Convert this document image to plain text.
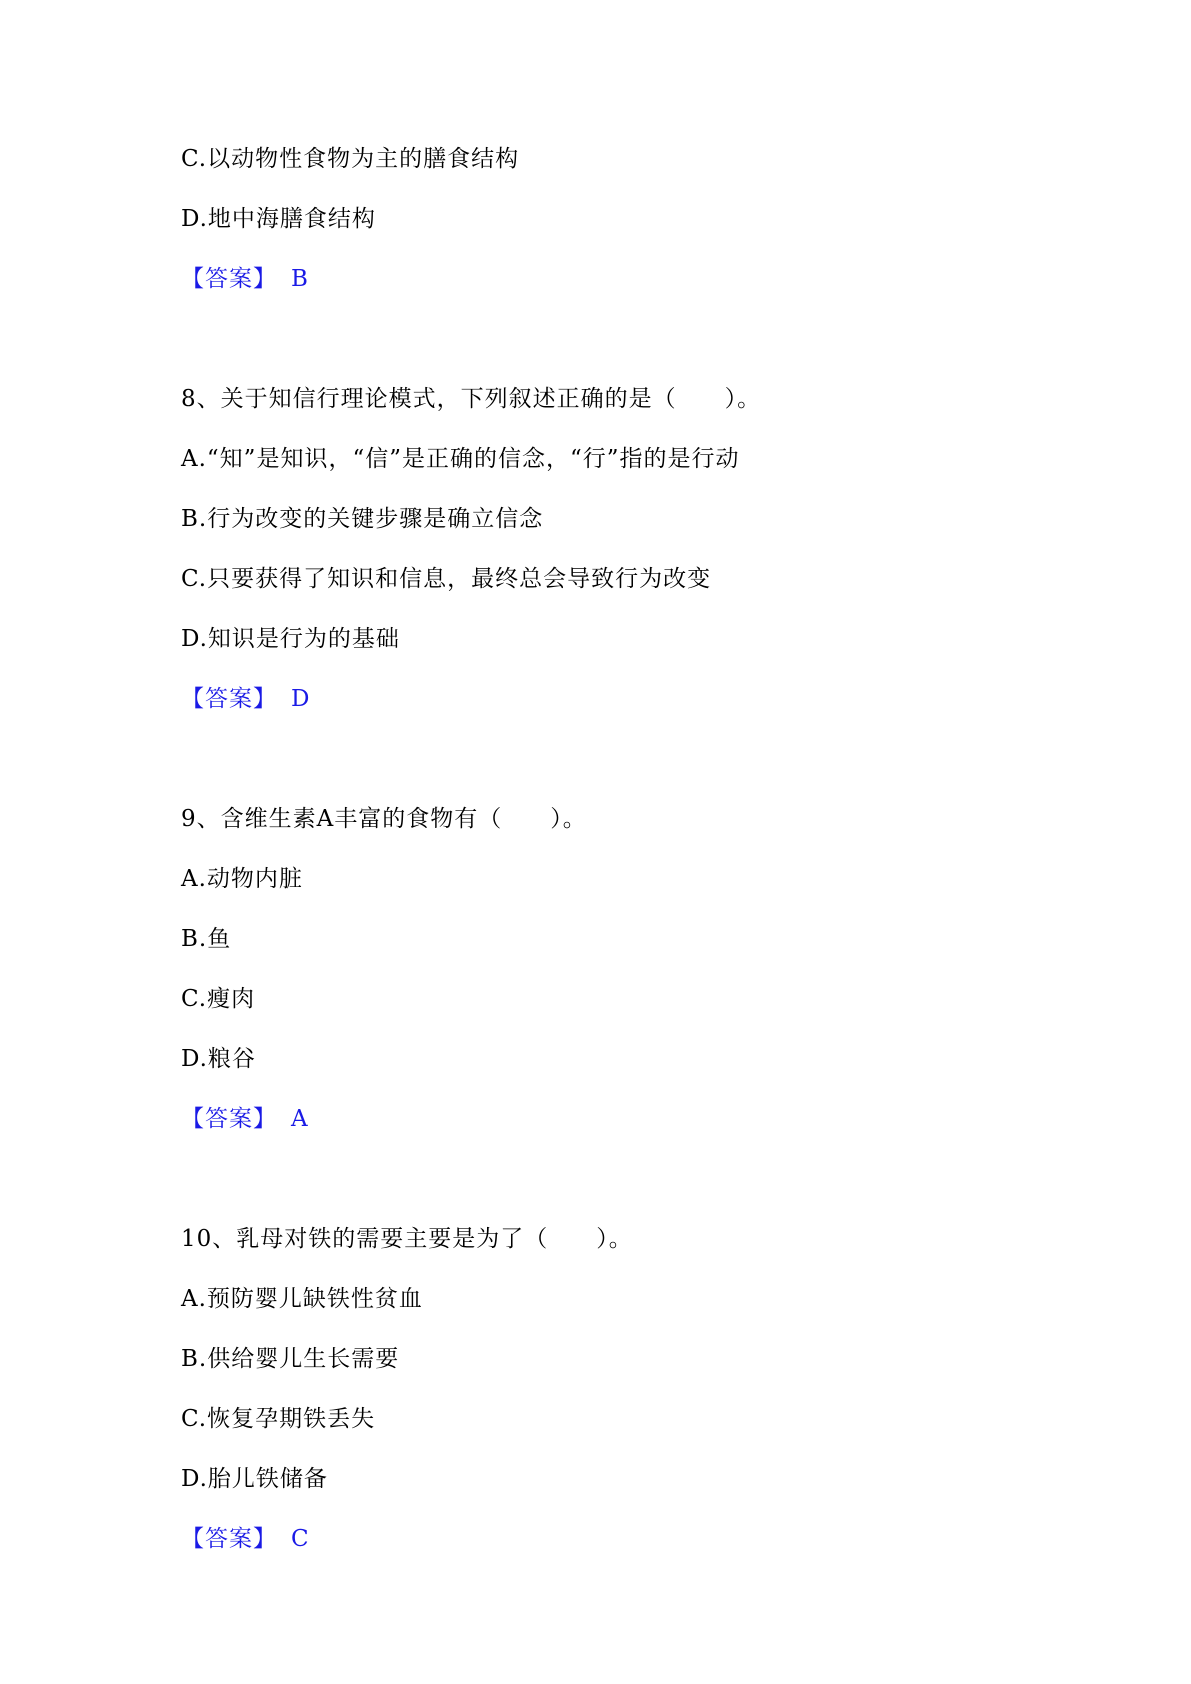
C.以动物性食物为主的膳食结构
D.地中海膳食结构
【答案】 B
8、关于知信行理论模式，下列叙述正确的是（　　）。
A.“知”是知识，“信”是正确的信念，“行”指的是行动
B.行为改变的关键步骤是确立信念
C.只要获得了知识和信息，最终总会导致行为改变
D.知识是行为的基础
【答案】 D
9、含维生素A丰富的食物有（　　）。
A.动物内脏
B.鱼
C.瘦肉
D.粮谷
【答案】 A
10、乳母对铁的需要主要是为了（　　）。
A.预防婴儿缺铁性贫血
B.供给婴儿生长需要
C.恢复孕期铁丢失
D.胎儿铁储备
【答案】 C
